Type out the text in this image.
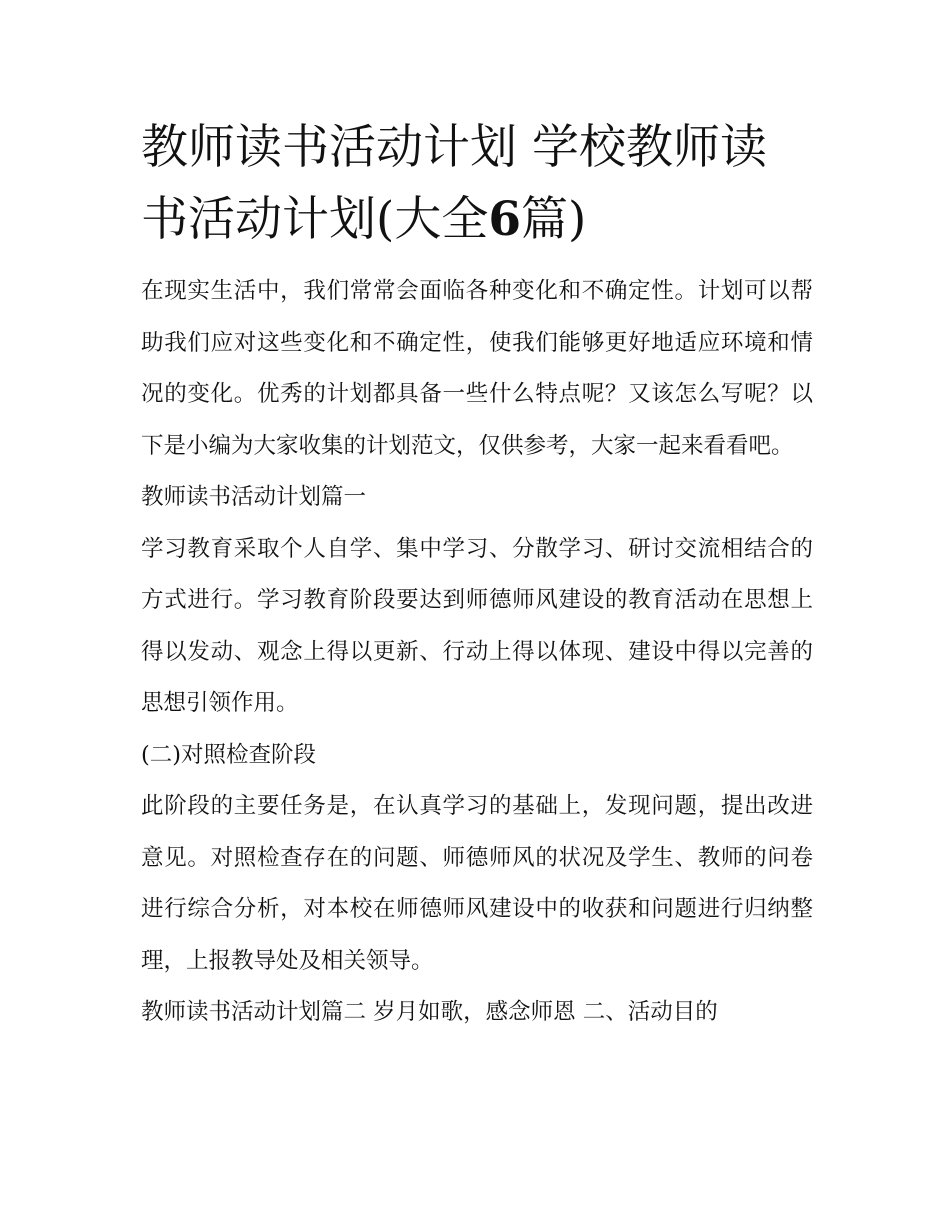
教师读书活动计划 学校教师读书活动计划(大全6篇)

在现实生活中，我们常常会面临各种变化和不确定性。计划可以帮助我们应对这些变化和不确定性，使我们能够更好地适应环境和情况的变化。优秀的计划都具备一些什么特点呢？又该怎么写呢？以下是小编为大家收集的计划范文，仅供参考，大家一起来看看吧。

教师读书活动计划篇一

学习教育采取个人自学、集中学习、分散学习、研讨交流相结合的方式进行。学习教育阶段要达到师德师风建设的教育活动在思想上得以发动、观念上得以更新、行动上得以体现、建设中得以完善的思想引领作用。

(二)对照检查阶段

此阶段的主要任务是，在认真学习的基础上，发现问题，提出改进意见。对照检查存在的问题、师德师风的状况及学生、教师的问卷进行综合分析，对本校在师德师风建设中的收获和问题进行归纳整理，上报教导处及相关领导。

教师读书活动计划篇二 岁月如歌，感念师恩 二、活动目的
